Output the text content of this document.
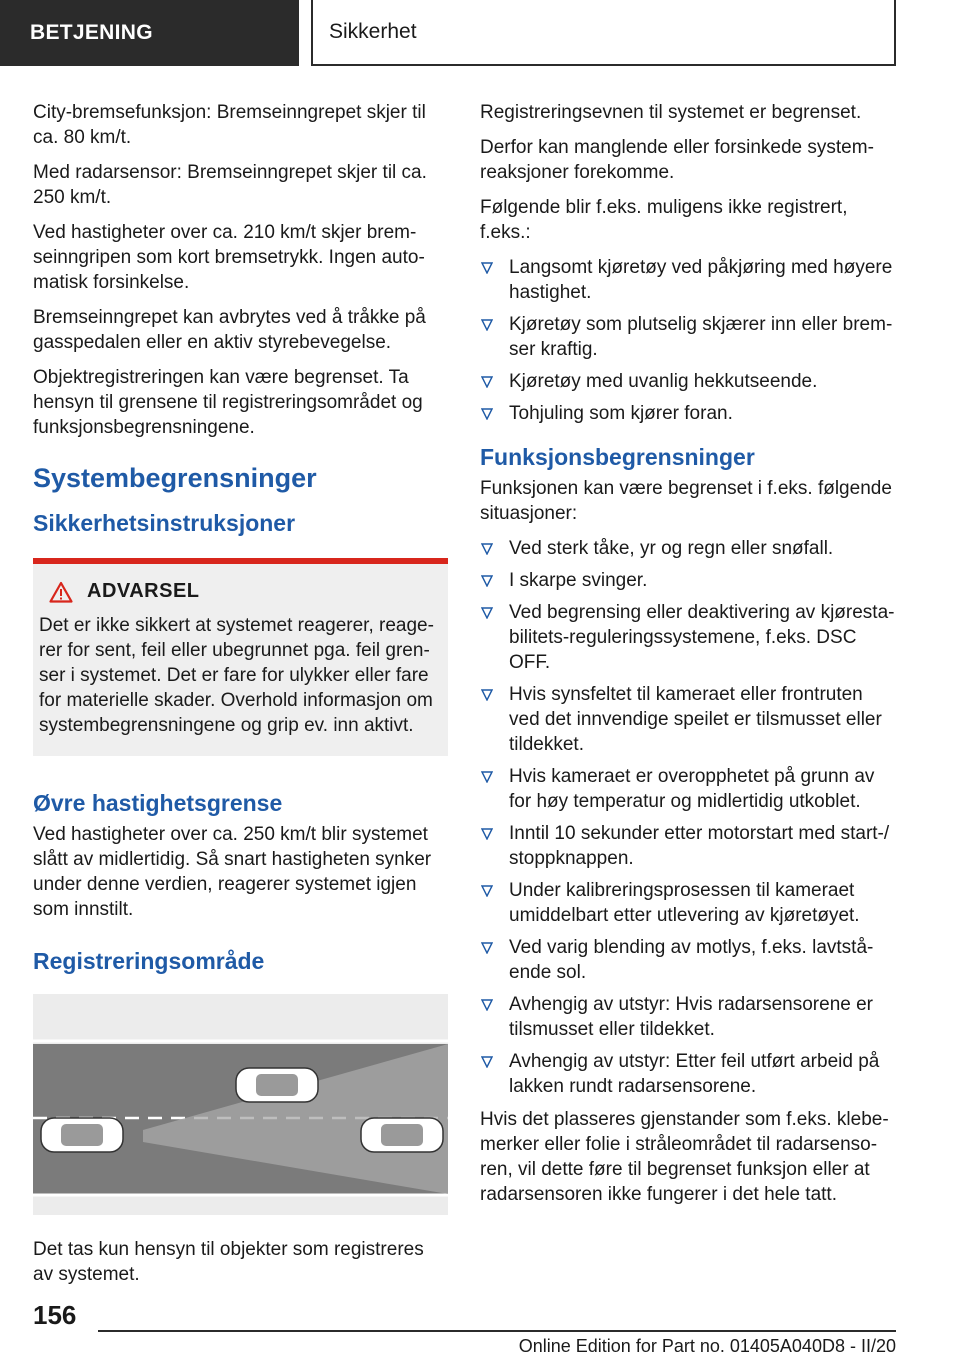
BETJENING	Sikkerhet

City-bremsefunksjon: Bremseinngrepet skjer til ca. 80 km/t.

Med radarsensor: Bremseinngrepet skjer til ca. 250 km/t.

Ved hastigheter over ca. 210 km/t skjer bremseinngripen som kort bremsetrykk. Ingen automatisk forsinkelse.

Bremseinngrepet kan avbrytes ved å tråkke på gasspedalen eller en aktiv styrebevegelse.

Objektregistreringen kan være begrenset. Ta hensyn til grensene til registreringsområdet og funksjonsbegrensningene.

Systembegrensninger
Sikkerhetsinstruksjoner
ADVARSEL

Det er ikke sikkert at systemet reagerer, reagerer for sent, feil eller ubegrunnet pga. feil grenser i systemet. Det er fare for ulykker eller fare for materielle skader. Overhold informasjon om systembegrensningene og grip ev. inn aktivt.

Øvre hastighetsgrense

Ved hastigheter over ca. 250 km/t blir systemet slått av midlertidig. Så snart hastigheten synker under denne verdien, reagerer systemet igjen som innstilt.

Registreringsområde

Det tas kun hensyn til objekter som registreres av systemet.

Registreringsevnen til systemet er begrenset.

Derfor kan manglende eller forsinkede systemreaksjoner forekomme.

Følgende blir f.eks. muligens ikke registrert, f.eks.:

Langsomt kjøretøy ved påkjøring med høyere hastighet.
Kjøretøy som plutselig skjærer inn eller bremser kraftig.
Kjøretøy med uvanlig hekkutseende.
Tohjuling som kjører foran.
Funksjonsbegrensninger

Funksjonen kan være begrenset i f.eks. følgende situasjoner:

Ved sterk tåke, yr og regn eller snøfall.
I skarpe svinger.
Ved begrensing eller deaktivering av kjørestabilitets-reguleringssystemene, f.eks. DSC OFF.
Hvis synsfeltet til kameraet eller frontruten ved det innvendige speilet er tilsmusset eller tildekket.
Hvis kameraet er overopphetet på grunn av for høy temperatur og midlertidig utkoblet.
Inntil 10 sekunder etter motorstart med start-/ stoppknappen.
Under kalibreringsprosessen til kameraet umiddelbart etter utlevering av kjøretøyet.
Ved varig blending av motlys, f.eks. lavtstående sol.
Avhengig av utstyr: Hvis radarsensorene er tilsmusset eller tildekket.
Avhengig av utstyr: Etter feil utført arbeid på lakken rundt radarsensorene.

Hvis det plasseres gjenstander som f.eks. klebemerker eller folie i stråleområdet til radarsensoren, vil dette føre til begrenset funksjon eller at radarsensoren ikke fungerer i det hele tatt.

156
Online Edition for Part no. 01405A040D8 - II/20
